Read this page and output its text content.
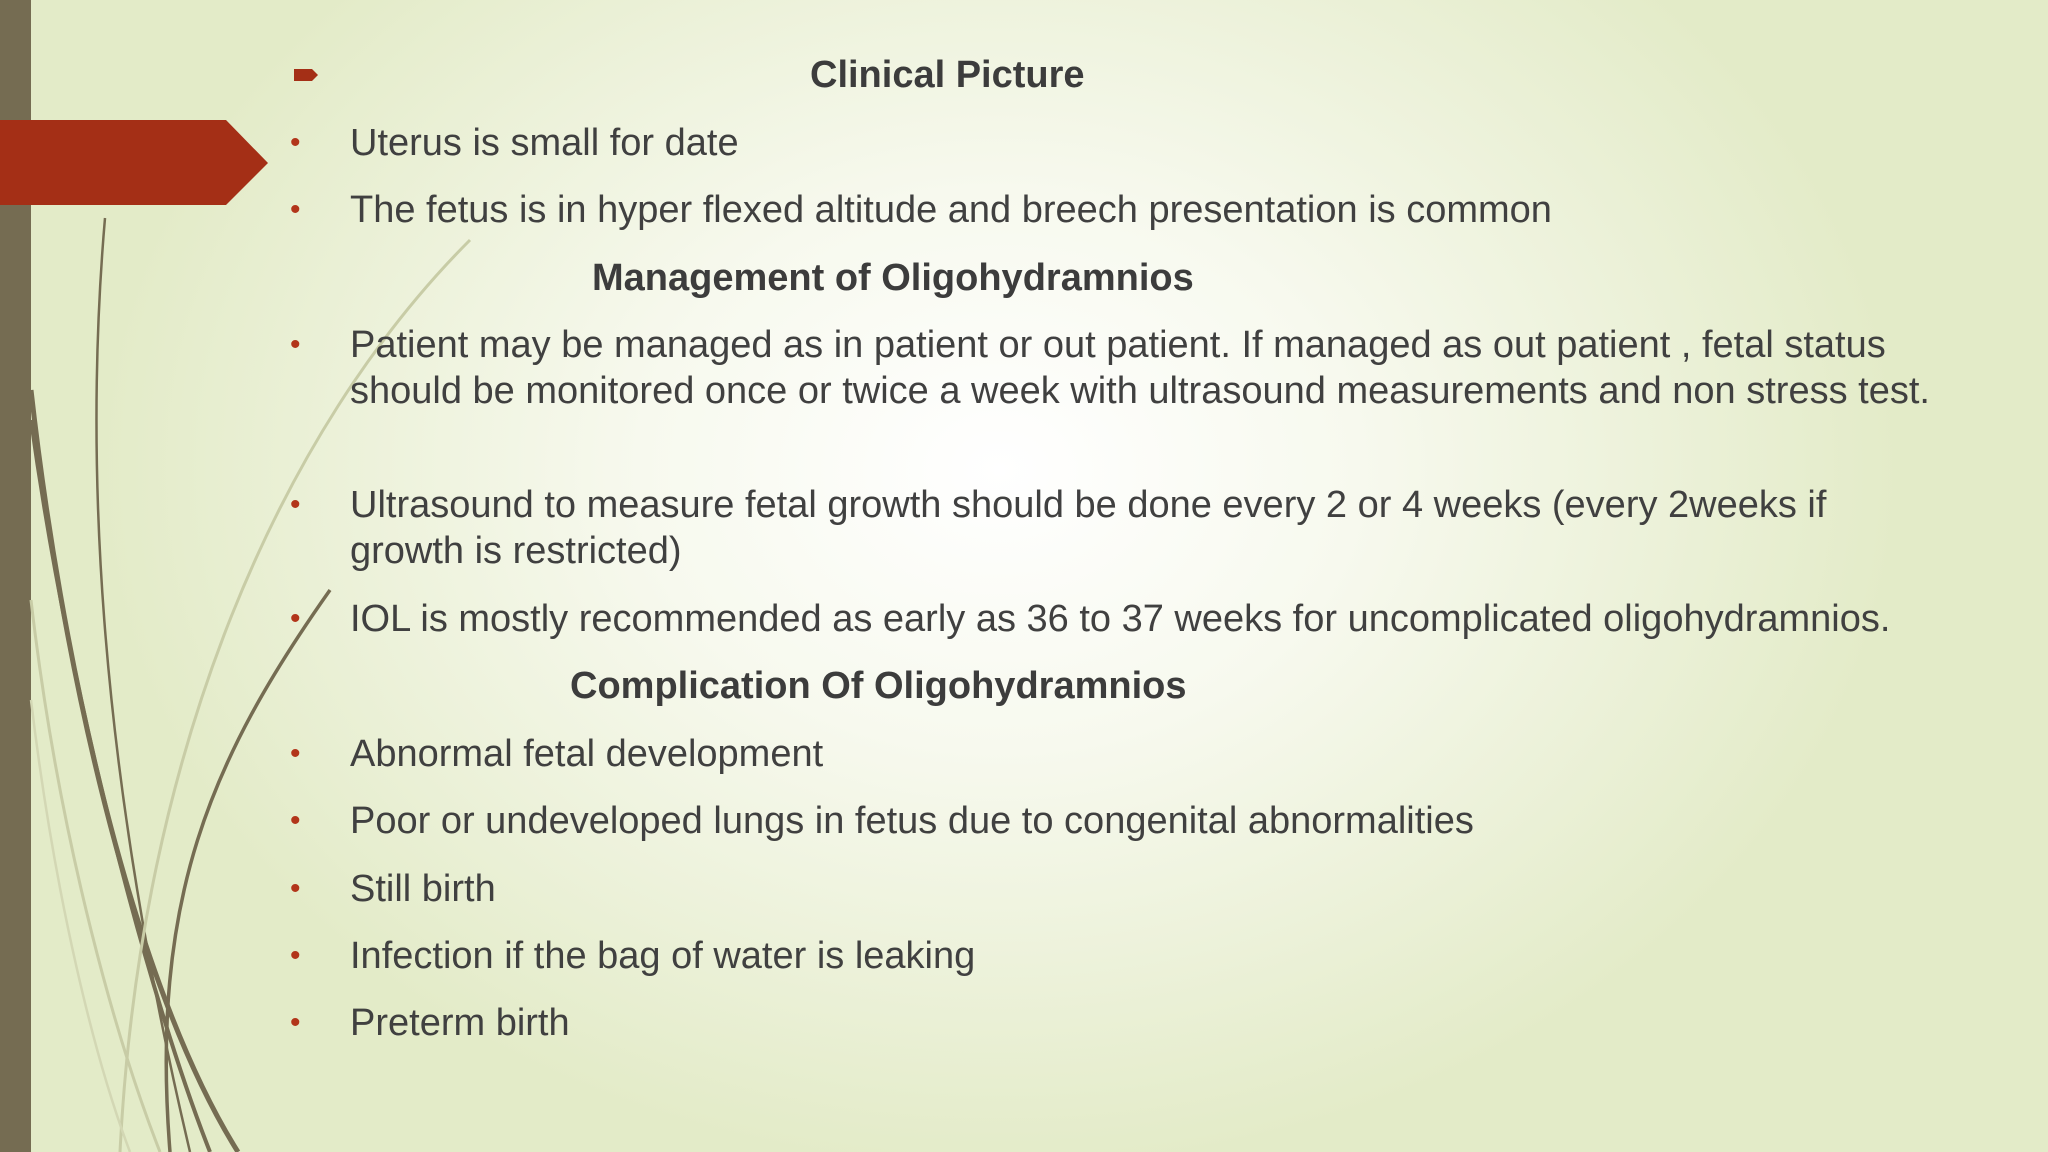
Clinical Picture
• Uterus is small for date
• The fetus is in hyper flexed altitude and breech presentation is common
Management of Oligohydramnios
• Patient may be managed as in patient or out patient. If managed as out patient , fetal status should be monitored once or twice a week with ultrasound measurements and non stress test.
• Ultrasound to measure fetal growth should be done every 2 or 4 weeks (every 2weeks if growth is restricted)
• IOL is mostly recommended as early as 36 to 37 weeks for uncomplicated oligohydramnios.
Complication Of Oligohydramnios
• Abnormal fetal development
• Poor or undeveloped lungs in fetus due to congenital abnormalities
• Still birth
• Infection if the bag of water is leaking
• Preterm birth
